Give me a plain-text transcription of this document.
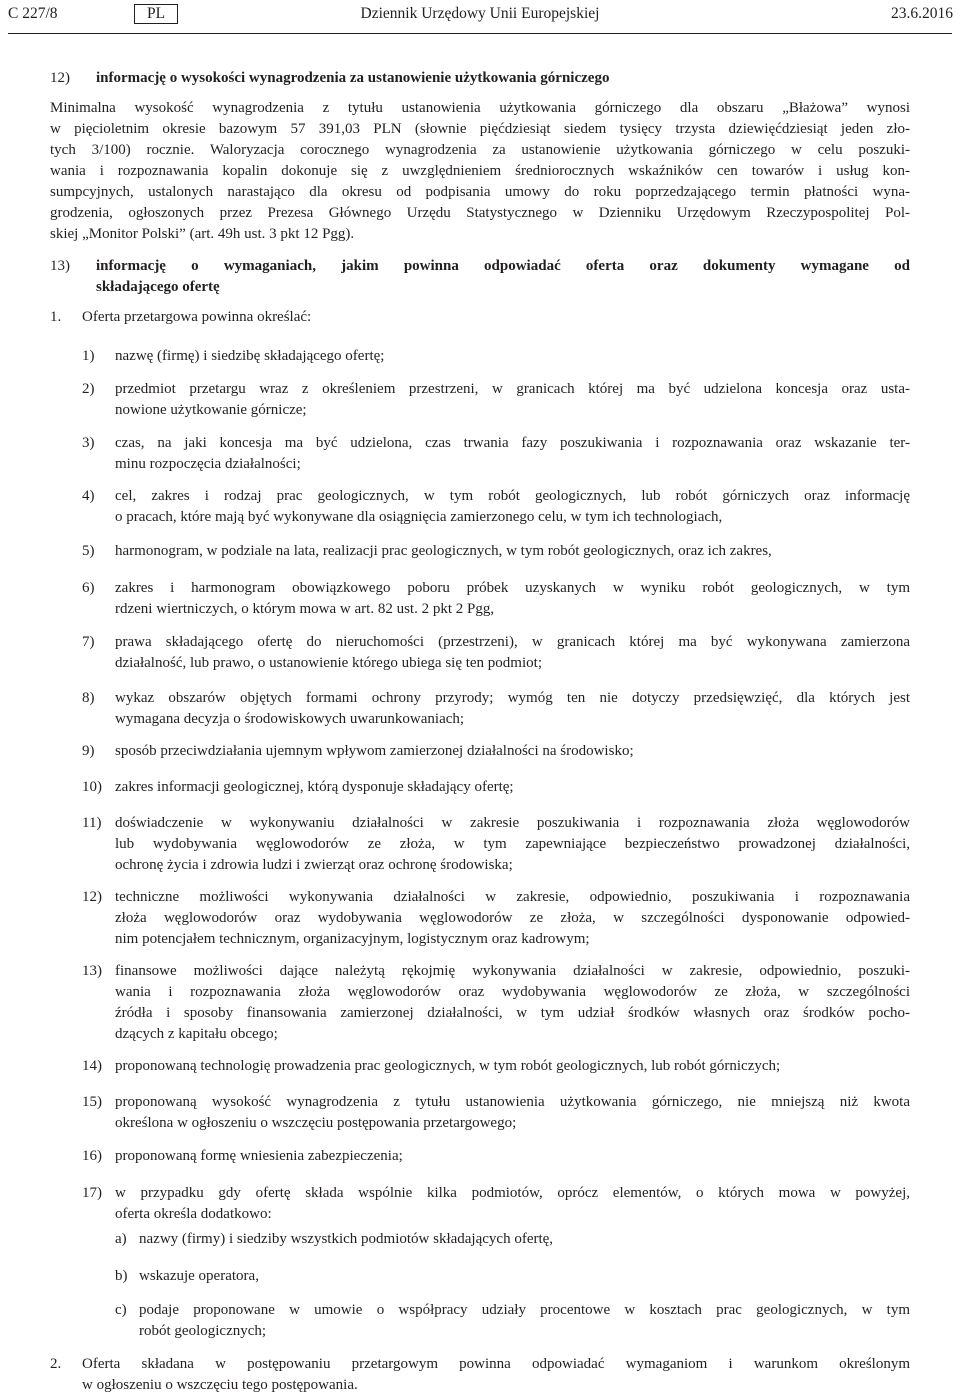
C 227/8	PL	Dziennik Urzędowy Unii Europejskiej	23.6.2016
12)	informację o wysokości wynagrodzenia za ustanowienie użytkowania górniczego
Minimalna wysokość wynagrodzenia z tytułu ustanowienia użytkowania górniczego dla obszaru „Błażowa” wynosi
w pięcioletnim okresie bazowym 57 391,03 PLN (słownie pięćdziesiąt siedem tysięcy trzysta dziewięćdziesiąt jeden zło-
tych 3/100) rocznie. Waloryzacja corocznego wynagrodzenia za ustanowienie użytkowania górniczego w celu poszuki-
wania i rozpoznawania kopalin dokonuje się z uwzględnieniem średniorocznych wskaźników cen towarów i usług kon-
sumpcyjnych, ustalonych narastająco dla okresu od podpisania umowy do roku poprzedzającego termin płatności wyna-
grodzenia, ogłoszonych przez Prezesa Głównego Urzędu Statystycznego w Dzienniku Urzędowym Rzeczypospolitej Pol-
skiej „Monitor Polski” (art. 49h ust. 3 pkt 12 Pgg).
13)	informację o wymaganiach, jakim powinna odpowiadać oferta oraz dokumenty wymagane od
składającego ofertę
1.	Oferta przetargowa powinna określać:
1)	nazwę (firmę) i siedzibę składającego ofertę;
2)	przedmiot przetargu wraz z określeniem przestrzeni, w granicach której ma być udzielona koncesja oraz usta-
nowione użytkowanie górnicze;
3)	czas, na jaki koncesja ma być udzielona, czas trwania fazy poszukiwania i rozpoznawania oraz wskazanie ter-
minu rozpoczęcia działalności;
4)	cel, zakres i rodzaj prac geologicznych, w tym robót geologicznych, lub robót górniczych oraz informację
o pracach, które mają być wykonywane dla osiągnięcia zamierzonego celu, w tym ich technologiach,
5)	harmonogram, w podziale na lata, realizacji prac geologicznych, w tym robót geologicznych, oraz ich zakres,
6)	zakres i harmonogram obowiązkowego poboru próbek uzyskanych w wyniku robót geologicznych, w tym
rdzeni wiertniczych, o którym mowa w art. 82 ust. 2 pkt 2 Pgg,
7)	prawa składającego ofertę do nieruchomości (przestrzeni), w granicach której ma być wykonywana zamierzona
działalność, lub prawo, o ustanowienie którego ubiega się ten podmiot;
8)	wykaz obszarów objętych formami ochrony przyrody; wymóg ten nie dotyczy przedsięwzięć, dla których jest
wymagana decyzja o środowiskowych uwarunkowaniach;
9)	sposób przeciwdziałania ujemnym wpływom zamierzonej działalności na środowisko;
10) zakres informacji geologicznej, którą dysponuje składający ofertę;
11) doświadczenie w wykonywaniu działalności w zakresie poszukiwania i rozpoznawania złoża węglowodorów
lub wydobywania węglowodorów ze złoża, w tym zapewniające bezpieczeństwo prowadzonej działalności,
ochronę życia i zdrowia ludzi i zwierząt oraz ochronę środowiska;
12) techniczne możliwości wykonywania działalności w zakresie, odpowiednio, poszukiwania i rozpoznawania
złoża węglowodorów oraz wydobywania węglowodorów ze złoża, w szczególności dysponowanie odpowied-
nim potencjałem technicznym, organizacyjnym, logistycznym oraz kadrowym;
13) finansowe możliwości dające należytą rękojmię wykonywania działalności w zakresie, odpowiednio, poszuki-
wania i rozpoznawania złoża węglowodorów oraz wydobywania węglowodorów ze złoża, w szczególności
źródła i sposoby finansowania zamierzonej działalności, w tym udział środków własnych oraz środków pocho-
dzących z kapitału obcego;
14) proponowaną technologię prowadzenia prac geologicznych, w tym robót geologicznych, lub robót górniczych;
15) proponowaną wysokość wynagrodzenia z tytułu ustanowienia użytkowania górniczego, nie mniejszą niż kwota
określona w ogłoszeniu o wszczęciu postępowania przetargowego;
16) proponowaną formę wniesienia zabezpieczenia;
17) w przypadku gdy ofertę składa wspólnie kilka podmiotów, oprócz elementów, o których mowa w powyżej,
oferta określa dodatkowo:
a) nazwy (firmy) i siedziby wszystkich podmiotów składających ofertę,
b) wskazuje operatora,
c) podaje proponowane w umowie o współpracy udziały procentowe w kosztach prac geologicznych, w tym
robót geologicznych;
2.	Oferta składana w postępowaniu przetargowym powinna odpowiadać wymaganiom i warunkom określonym
w ogłoszeniu o wszczęciu tego postępowania.
